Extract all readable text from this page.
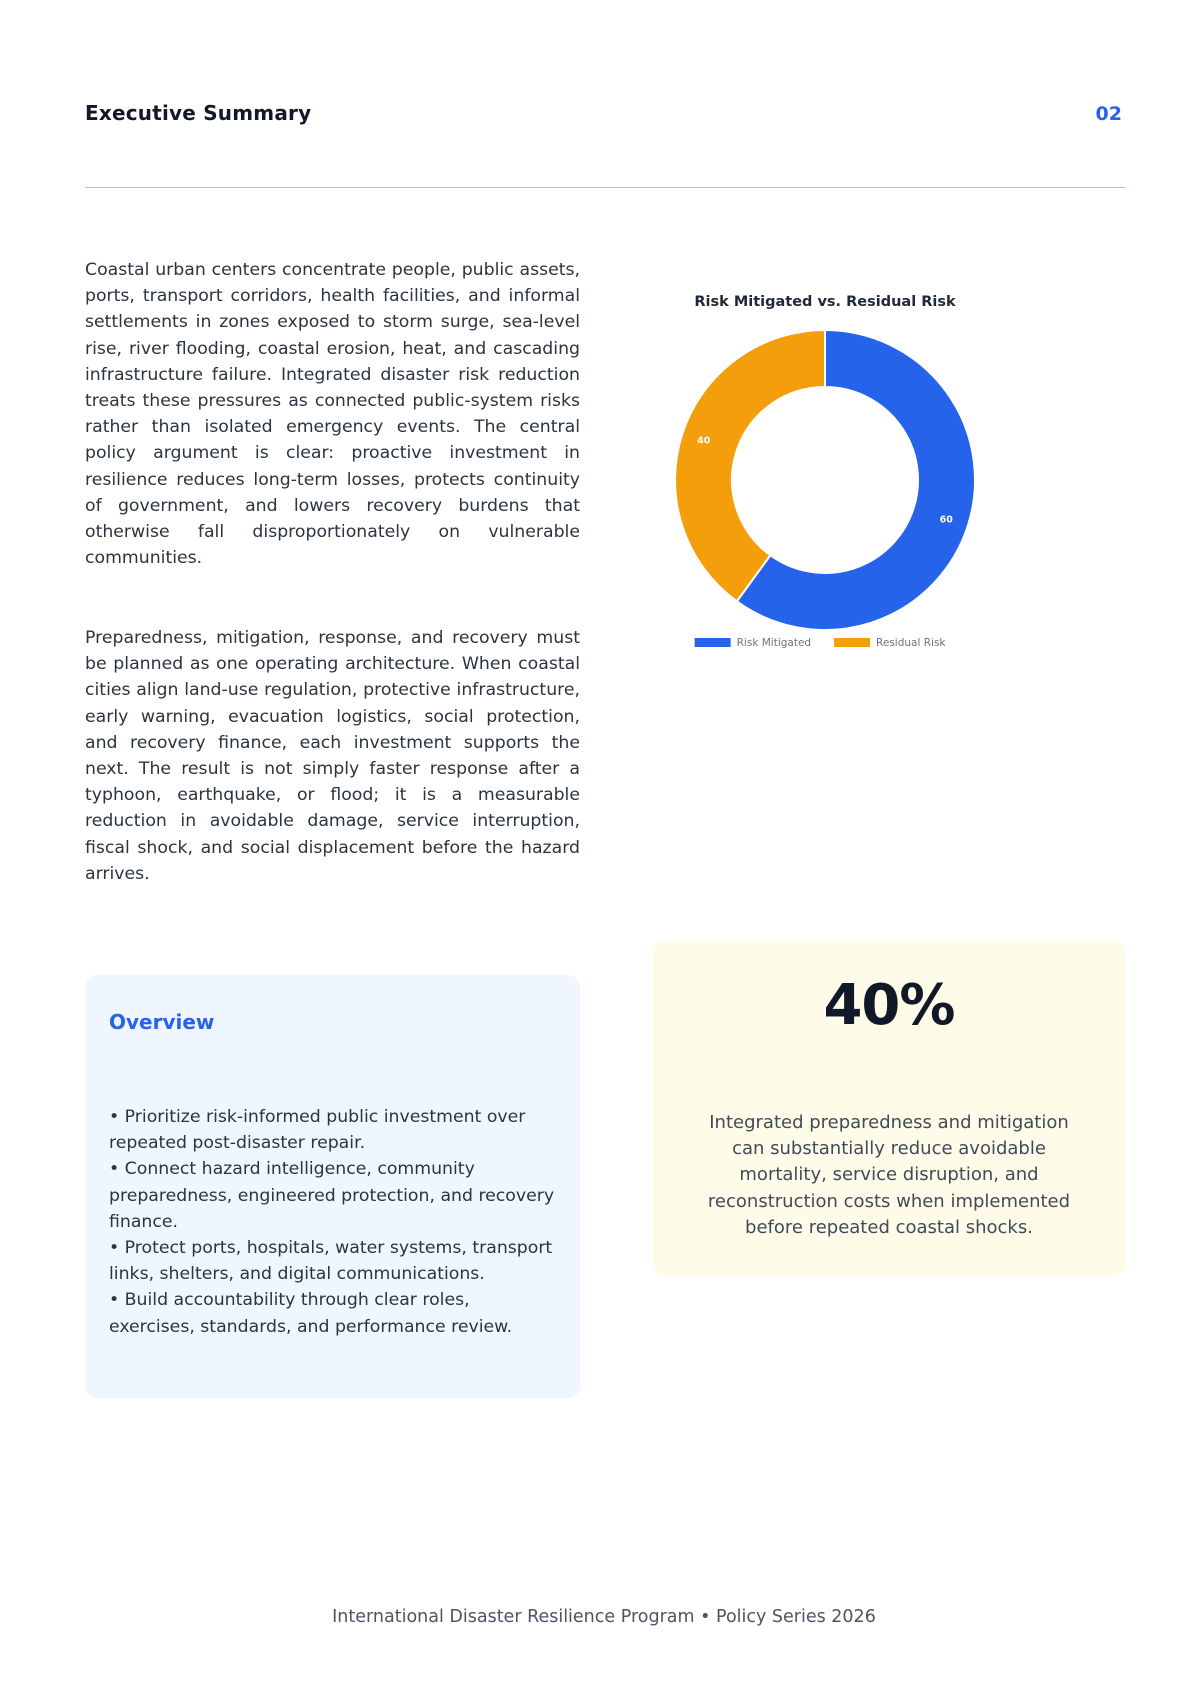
Executive Summary	02

Coastal urban centers concentrate people, public assets, ports, transport corridors, health facilities, and informal settlements in zones exposed to storm surge, sea-level rise, river flooding, coastal erosion, heat, and cascading infrastructure failure. Integrated disaster risk reduction treats these pressures as connected public-system risks rather than isolated emergency events. The central policy argument is clear: proactive investment in resilience reduces long-term losses, protects continuity of government, and lowers recovery burdens that otherwise fall disproportionately on vulnerable communities.

Preparedness, mitigation, response, and recovery must be planned as one operating architecture. When coastal cities align land-use regulation, protective infrastructure, early warning, evacuation logistics, social protection, and recovery finance, each investment supports the next. The result is not simply faster response after a typhoon, earthquake, or flood; it is a measurable reduction in avoidable damage, service interruption, fiscal shock, and social displacement before the hazard arrives.

Risk Mitigated vs. Residual Risk
60
40
Risk Mitigated	Residual Risk
Overview
• Prioritize risk-informed public investment over repeated post-disaster repair.
• Connect hazard intelligence, community preparedness, engineered protection, and recovery finance.
• Protect ports, hospitals, water systems, transport links, shelters, and digital communications.
• Build accountability through clear roles, exercises, standards, and performance review.
40%
Integrated preparedness and mitigation can substantially reduce avoidable mortality, service disruption, and reconstruction costs when implemented before repeated coastal shocks.
International Disaster Resilience Program • Policy Series 2026
